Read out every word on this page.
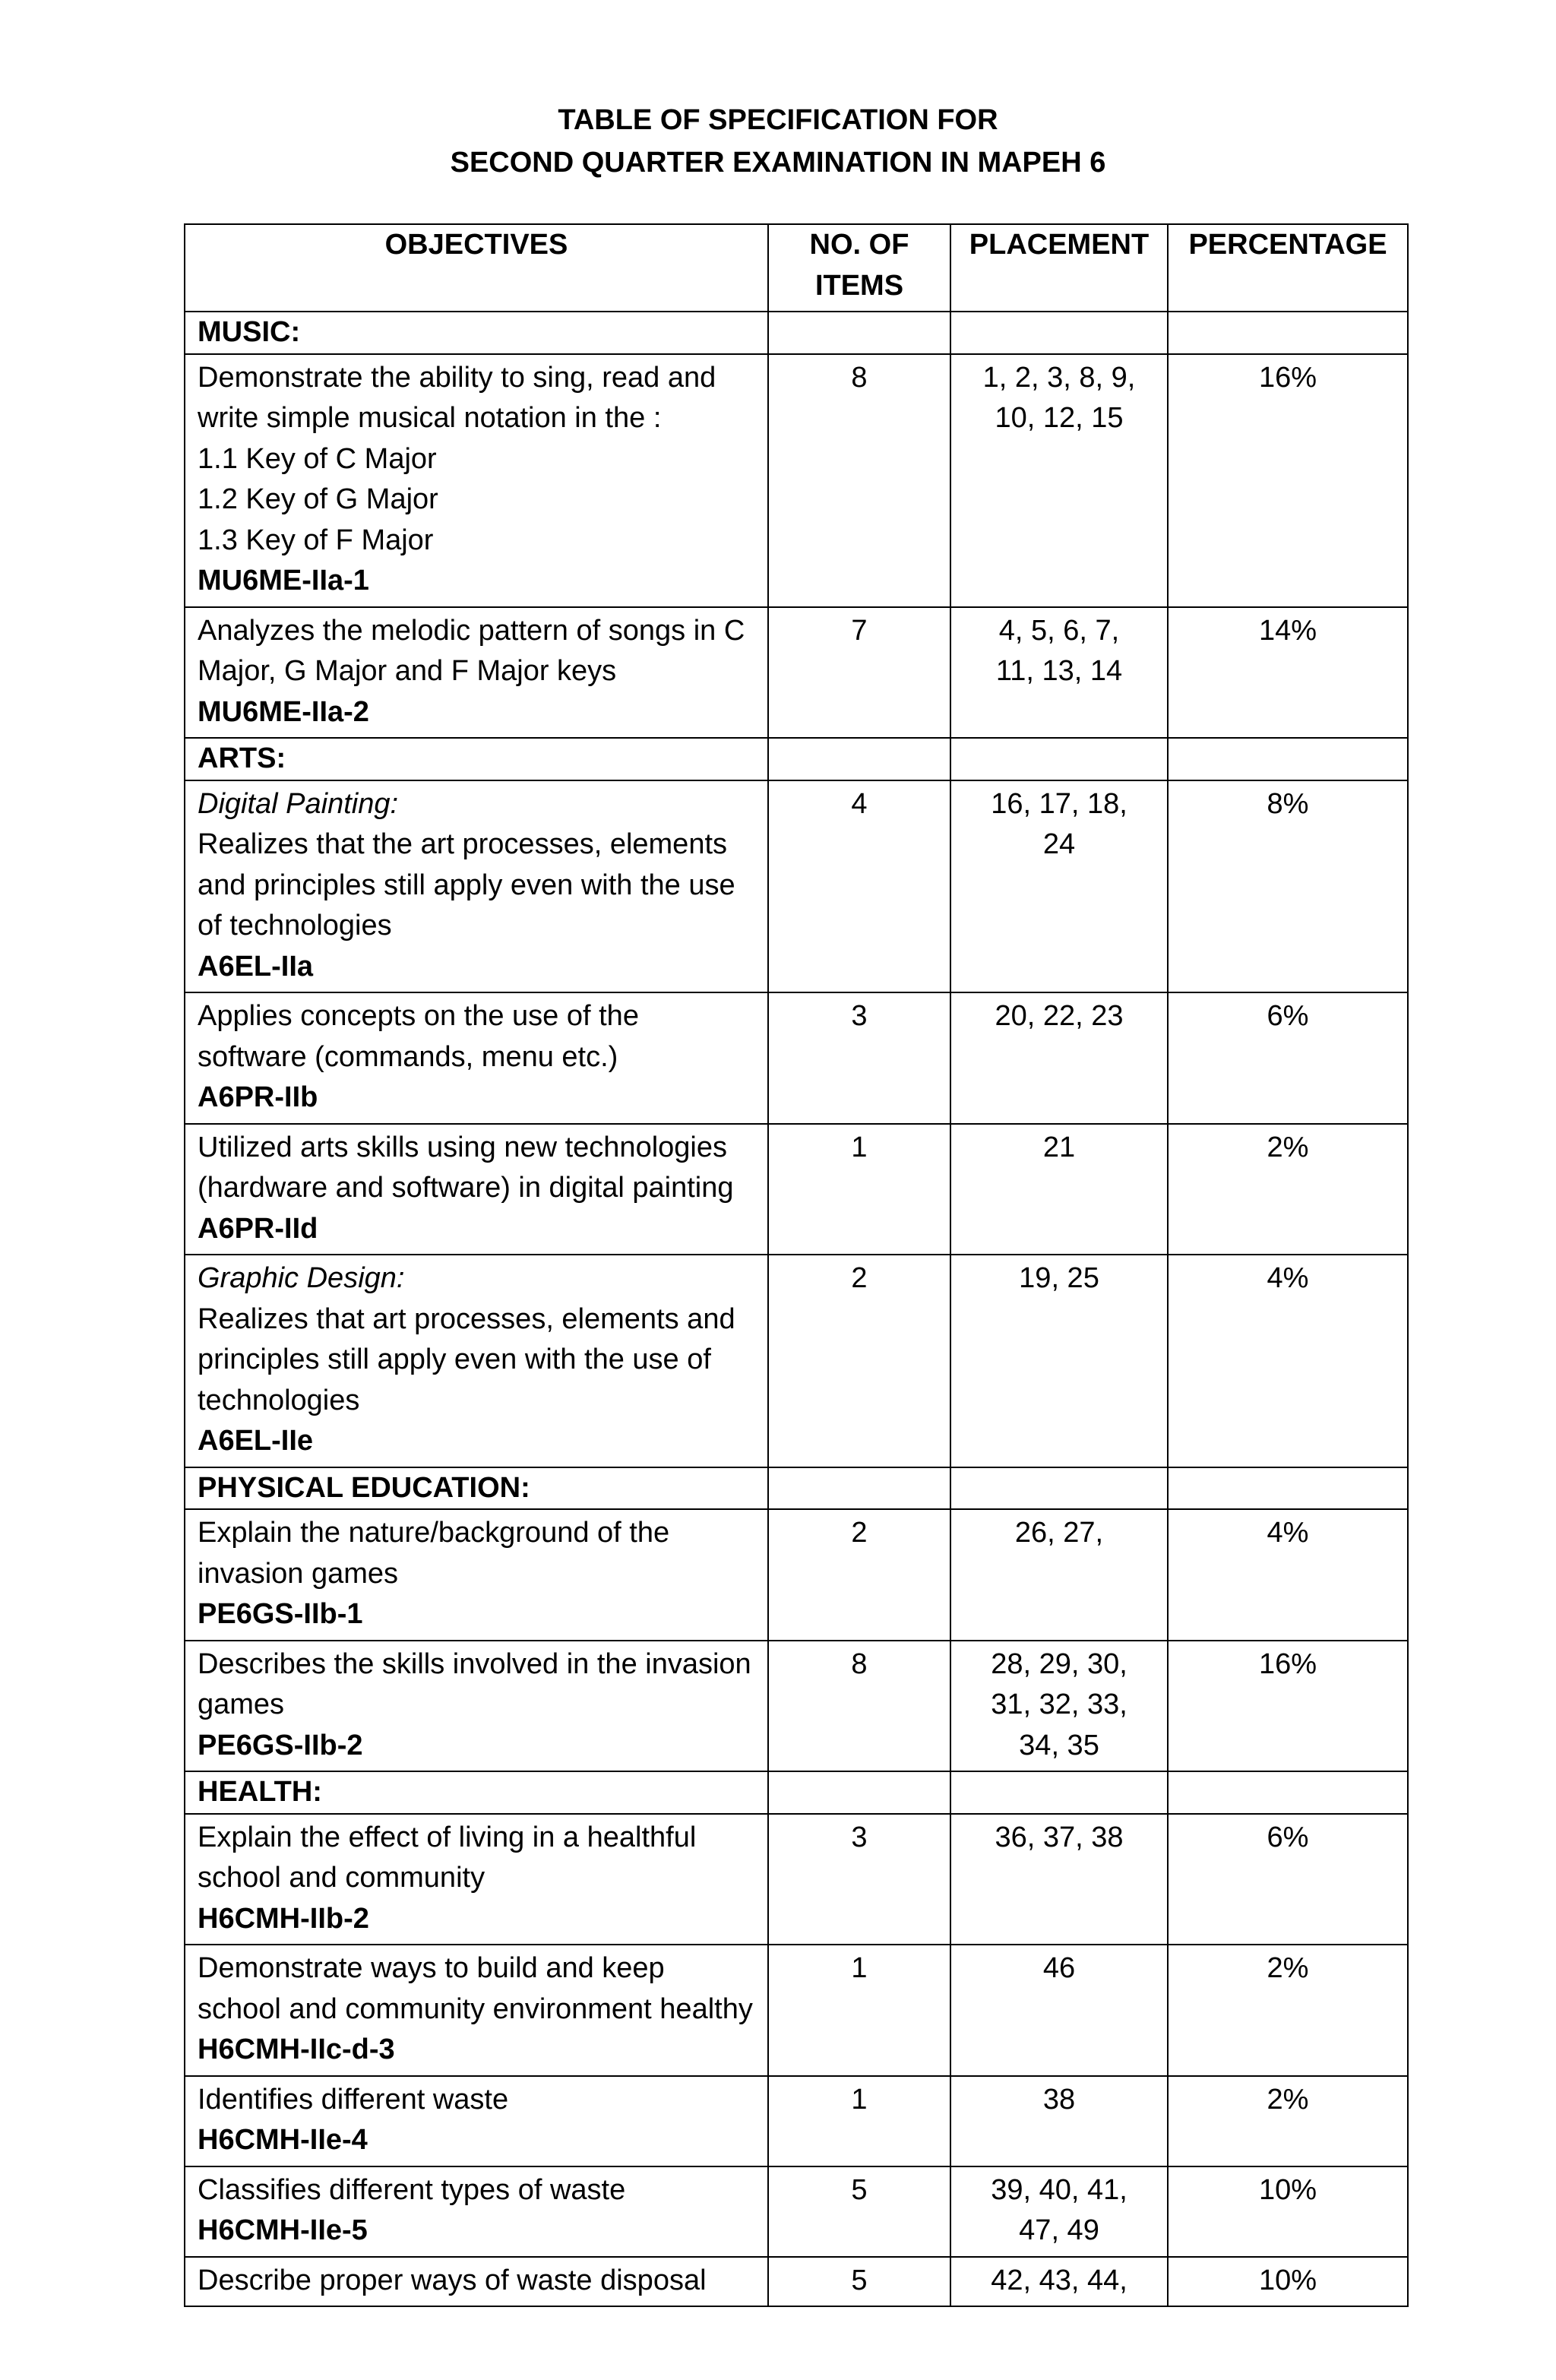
TABLE OF SPECIFICATION FOR
SECOND QUARTER EXAMINATION IN MAPEH 6
OBJECTIVES	NO. OF ITEMS	PLACEMENT	PERCENTAGE
MUSIC:			

Demonstrate the ability to sing, read and write simple musical notation in the :
1.1 Key of C Major
1.2 Key of G Major
1.3 Key of F Major
MU6ME-IIa-1	8	1, 2, 3, 8, 9, 10, 12, 15	16%

Analyzes the melodic pattern of songs in C Major, G Major and F Major keys
MU6ME-IIa-2	7	4, 5, 6, 7, 11, 13, 14	14%
ARTS:			

Digital Painting:
Realizes that the art processes, elements and principles still apply even with the use of technologies
A6EL-IIa	4	16, 17, 18, 24	8%

Applies concepts on the use of the software (commands, menu etc.)
A6PR-IIb	3	20, 22, 23	6%

Utilized arts skills using new technologies (hardware and software) in digital painting
A6PR-IId	1	21	2%

Graphic Design:
Realizes that art processes, elements and principles still apply even with the use of technologies
A6EL-IIe	2	19, 25	4%
PHYSICAL EDUCATION:			

Explain the nature/background of the invasion games
PE6GS-IIb-1	2	26, 27,	4%

Describes the skills involved in the invasion games
PE6GS-IIb-2	8	28, 29, 30, 31, 32, 33, 34, 35	16%
HEALTH:			

Explain the effect of living in a healthful school and community
H6CMH-IIb-2	3	36, 37, 38	6%

Demonstrate ways to build and keep school and community environment healthy
H6CMH-IIc-d-3	1	46	2%

Identifies different waste
H6CMH-IIe-4	1	38	2%

Classifies different types of waste
H6CMH-IIe-5	5	39, 40, 41, 47, 49	10%

Describe proper ways of waste disposal	5	42, 43, 44,	10%
